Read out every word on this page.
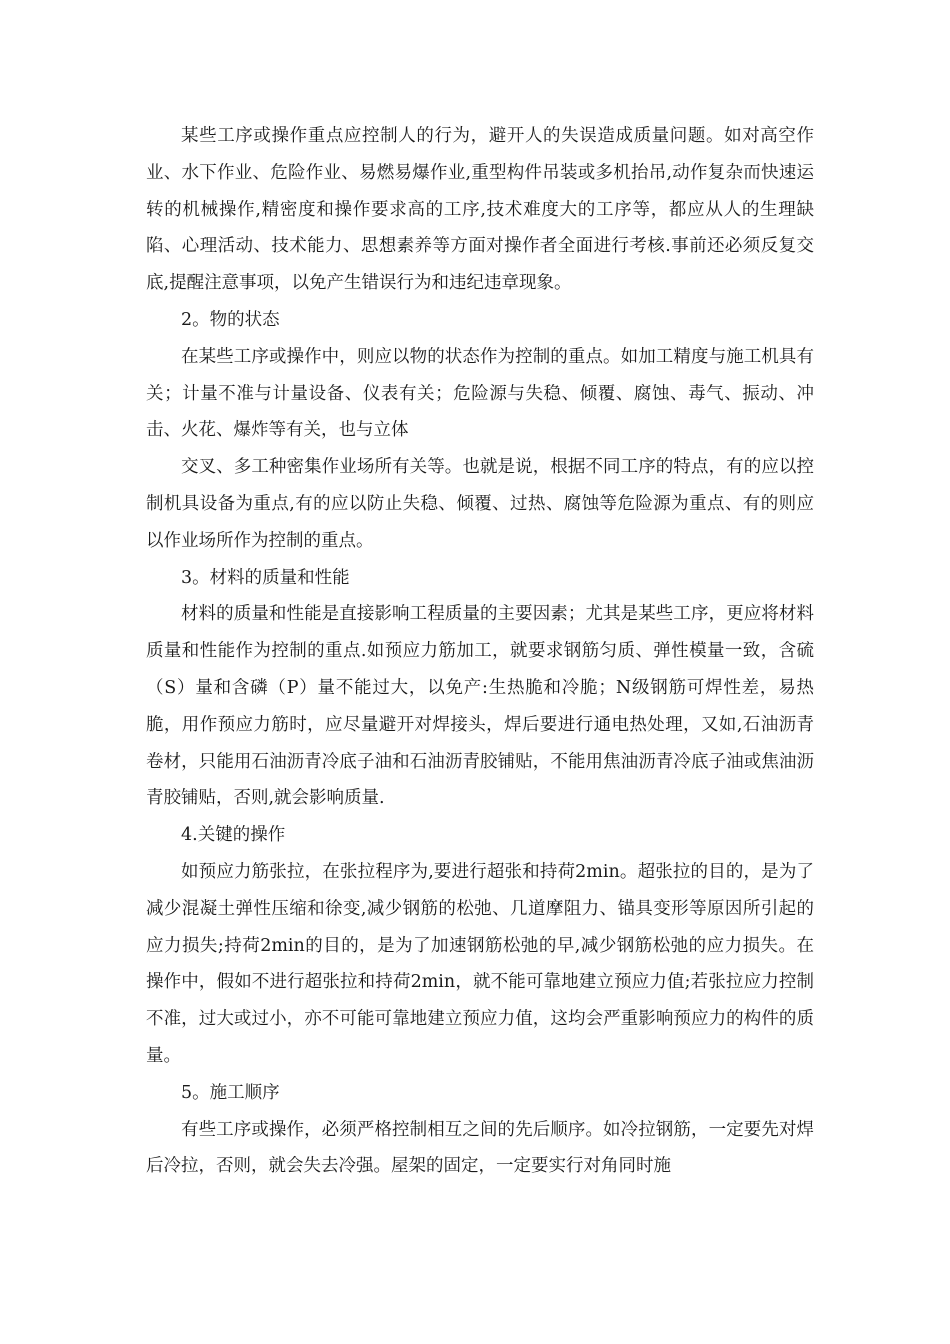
某些工序或操作重点应控制人的行为，避开人的失误造成质量问题。如对高空作业、水下作业、危险作业、易燃易爆作业,重型构件吊装或多机抬吊,动作复杂而快速运转的机械操作,精密度和操作要求高的工序,技术难度大的工序等，都应从人的生理缺陷、心理活动、技术能力、思想素养等方面对操作者全面进行考核.事前还必须反复交底,提醒注意事项，以免产生错误行为和违纪违章现象。

2。物的状态

在某些工序或操作中，则应以物的状态作为控制的重点。如加工精度与施工机具有关；计量不准与计量设备、仪表有关；危险源与失稳、倾覆、腐蚀、毒气、振动、冲击、火花、爆炸等有关，也与立体

交叉、多工种密集作业场所有关等。也就是说，根据不同工序的特点，有的应以控制机具设备为重点,有的应以防止失稳、倾覆、过热、腐蚀等危险源为重点、有的则应以作业场所作为控制的重点。

3。材料的质量和性能

材料的质量和性能是直接影响工程质量的主要因素；尤其是某些工序，更应将材料质量和性能作为控制的重点.如预应力筋加工，就要求钢筋匀质、弹性模量一致，含硫（S）量和含磷（P）量不能过大，以免产:生热脆和冷脆；N级钢筋可焊性差，易热脆，用作预应力筋时，应尽量避开对焊接头，焊后要进行通电热处理，又如,石油沥青卷材，只能用石油沥青冷底子油和石油沥青胶铺贴，不能用焦油沥青冷底子油或焦油沥青胶铺贴，否则,就会影响质量.

4.关键的操作

如预应力筋张拉，在张拉程序为,要进行超张和持荷2min。超张拉的目的，是为了减少混凝土弹性压缩和徐变,减少钢筋的松弛、几道摩阻力、锚具变形等原因所引起的应力损失;持荷2min的目的，是为了加速钢筋松弛的早,减少钢筋松弛的应力损失。在操作中，假如不进行超张拉和持荷2min，就不能可靠地建立预应力值;若张拉应力控制不准，过大或过小，亦不可能可靠地建立预应力值，这均会严重影响预应力的构件的质量。

5。施工顺序

有些工序或操作，必须严格控制相互之间的先后顺序。如冷拉钢筋，一定要先对焊后冷拉，否则，就会失去冷强。屋架的固定，一定要实行对角同时施
